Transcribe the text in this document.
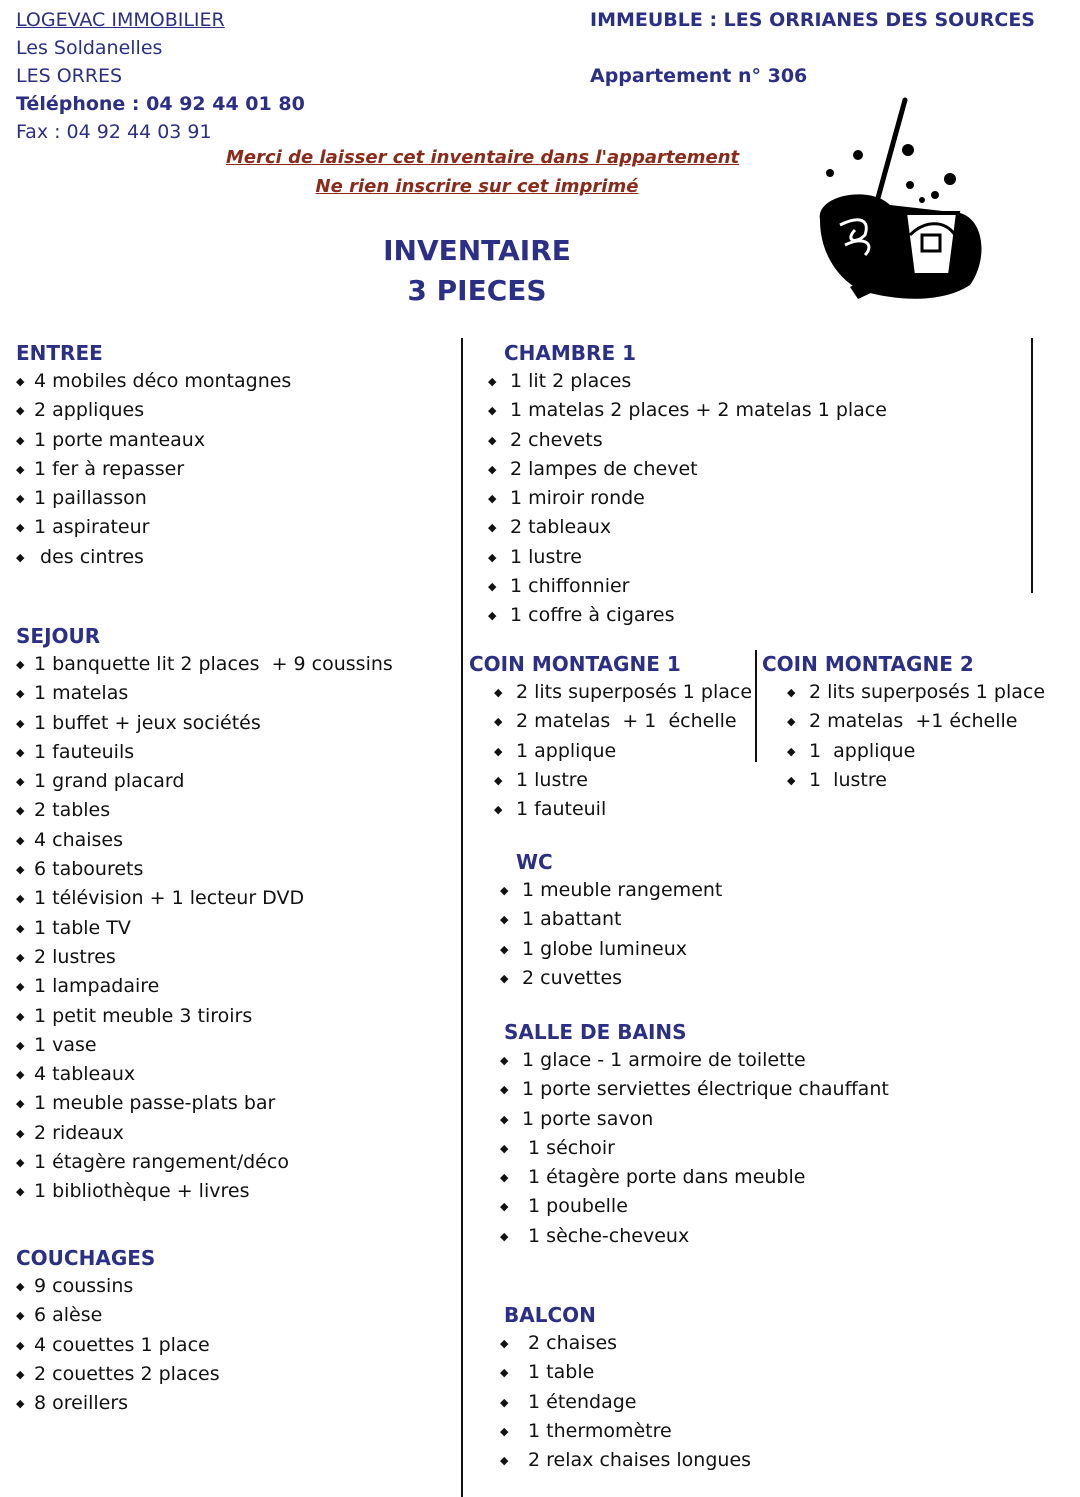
LOGEVAC IMMOBILIER
Les Soldanelles
LES ORRES
Téléphone : 04 92 44 01 80
Fax : 04 92 44 03 91
IMMEUBLE : LES ORRIANES DES SOURCES
Appartement n° 306
Merci de laisser cet inventaire dans l'appartement
Ne rien inscrire sur cet imprimé
INVENTAIRE
3 PIECES
ENTREE
◆ 4 mobiles déco montagnes
◆ 2 appliques
◆ 1 porte manteaux
◆ 1 fer à repasser
◆ 1 paillasson
◆ 1 aspirateur
◆ des cintres
SEJOUR
◆ 1 banquette lit 2 places  + 9 coussins
◆ 1 matelas
◆ 1 buffet + jeux sociétés
◆ 1 fauteuils
◆ 1 grand placard
◆ 2 tables
◆ 4 chaises
◆ 6 tabourets
◆ 1 télévision + 1 lecteur DVD
◆ 1 table TV
◆ 2 lustres
◆ 1 lampadaire
◆ 1 petit meuble 3 tiroirs
◆ 1 vase
◆ 4 tableaux
◆ 1 meuble passe-plats bar
◆ 2 rideaux
◆ 1 étagère rangement/déco
◆ 1 bibliothèque + livres
COUCHAGES
◆ 9 coussins
◆ 6 alèse
◆ 4 couettes 1 place
◆ 2 couettes 2 places
◆ 8 oreillers
CHAMBRE 1
◆ 1 lit 2 places
◆ 1 matelas 2 places + 2 matelas 1 place
◆ 2 chevets
◆ 2 lampes de chevet
◆ 1 miroir ronde
◆ 2 tableaux
◆ 1 lustre
◆ 1 chiffonnier
◆ 1 coffre à cigares
COIN MONTAGNE 1
◆ 2 lits superposés 1 place
◆ 2 matelas  + 1  échelle
◆ 1 applique
◆ 1 lustre
◆ 1 fauteuil
COIN MONTAGNE 2
◆ 2 lits superposés 1 place
◆ 2 matelas  +1 échelle
◆ 1  applique
◆ 1  lustre
WC
◆ 1 meuble rangement
◆ 1 abattant
◆ 1 globe lumineux
◆ 2 cuvettes
SALLE DE BAINS
◆ 1 glace - 1 armoire de toilette
◆ 1 porte serviettes électrique chauffant
◆ 1 porte savon
◆ 1 séchoir
◆ 1 étagère porte dans meuble
◆ 1 poubelle
◆ 1 sèche-cheveux
BALCON
◆ 2 chaises
◆ 1 table
◆ 1 étendage
◆ 1 thermomètre
◆ 2 relax chaises longues
